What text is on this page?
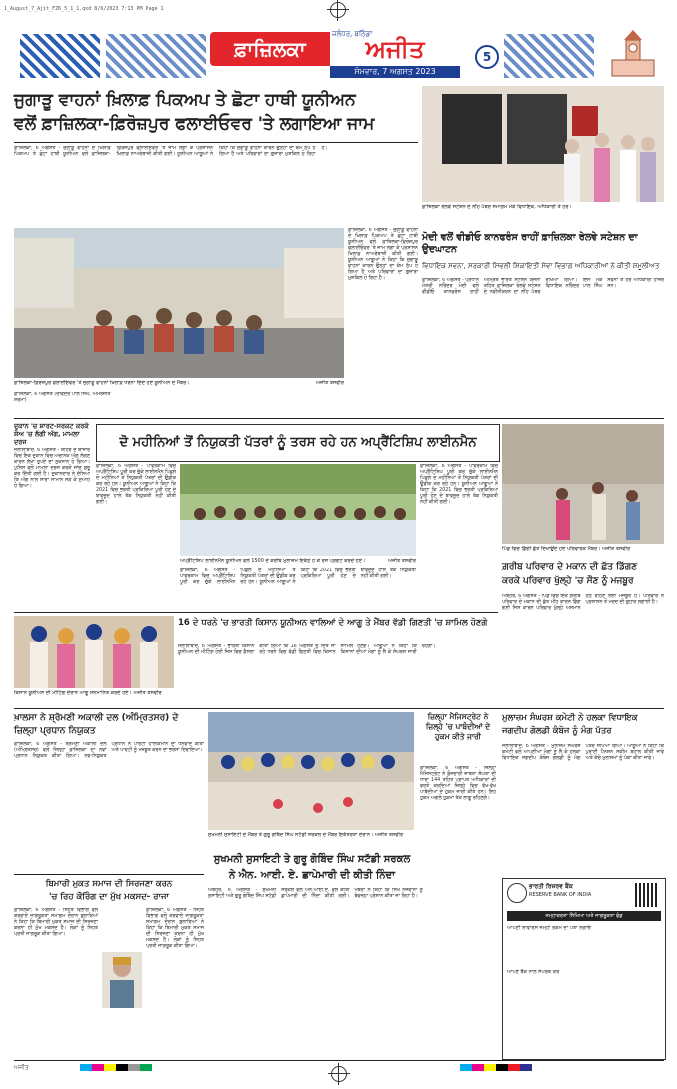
1_August_7_Ajit_FZK_5_1_1.qxd 8/6/2023 7:13 PM Page 1
ਜਲੰਧਰ, ਬਠਿੰਡਾ
ਫ਼ਾਜ਼ਿਲਕਾ	ਅਜੀਤ
ਸੋਮਵਾਰ, 7 ਅਗਸਤ 2023
5
ਜੁਗਾੜੂ ਵਾਹਨਾਂ ਖ਼ਿਲਾਫ਼ ਪਿਕਅਪ ਤੇ ਛੋਟਾ ਹਾਥੀ ਯੂਨੀਅਨ
ਵਲੋਂ ਫ਼ਾਜ਼ਿਲਕਾ-ਫ਼ਿਰੋਜ਼ਪੁਰ ਫਲਾਈਓਵਰ 'ਤੇ ਲਗਾਇਆ ਜਾਮ

ਫ਼ਾਜ਼ਿਲਕਾ, 6 ਅਗਸਤ - ਜੁਗਾੜੂ ਵਾਹਨਾਂ ਦੇ ਖ਼ਿਲਾਫ਼ ਪਿਕਅਪ ਤੇ ਛੋਟਾ ਹਾਥੀ ਯੂਨੀਅਨ ਵਲੋਂ ਫ਼ਾਜ਼ਿਲਕਾ-ਫ਼ਿਰੋਜ਼ਪੁਰ ਫਲਾਈਓਵਰ 'ਤੇ ਜਾਮ ਲਗਾ ਕੇ ਪ੍ਰਸ਼ਾਸਨ ਖ਼ਿਲਾਫ਼ ਨਾਅਰੇਬਾਜ਼ੀ ਕੀਤੀ ਗਈ। ਯੂਨੀਅਨ ਆਗੂਆਂ ਨੇ ਕਿਹਾ ਕਿ ਜੁਗਾੜੂ ਵਾਹਨਾਂ ਕਾਰਨ ਉਨ੍ਹਾਂ ਦਾ ਕੰਮ ਠੱਪ ਹੋ ਗਿਆ ਹੈ ਅਤੇ ਪਰਿਵਾਰਾਂ ਦਾ ਗੁਜ਼ਾਰਾ ਮੁਸ਼ਕਿਲ ਹੋ ਰਿਹਾ ਹੈ।

ਫ਼ਾਜ਼ਿਲਕਾ, 6 ਅਗਸਤ - ਜੁਗਾੜੂ ਵਾਹਨਾਂ ਦੇ ਖ਼ਿਲਾਫ਼ ਪਿਕਅਪ ਤੇ ਛੋਟਾ ਹਾਥੀ ਯੂਨੀਅਨ ਵਲੋਂ ਫ਼ਾਜ਼ਿਲਕਾ-ਫ਼ਿਰੋਜ਼ਪੁਰ ਫਲਾਈਓਵਰ 'ਤੇ ਜਾਮ ਲਗਾ ਕੇ ਪ੍ਰਸ਼ਾਸਨ ਖ਼ਿਲਾਫ਼ ਨਾਅਰੇਬਾਜ਼ੀ ਕੀਤੀ ਗਈ। ਯੂਨੀਅਨ ਆਗੂਆਂ ਨੇ ਕਿਹਾ ਕਿ ਜੁਗਾੜੂ ਵਾਹਨਾਂ ਕਾਰਨ ਉਨ੍ਹਾਂ ਦਾ ਕੰਮ ਠੱਪ ਹੋ ਗਿਆ ਹੈ ਅਤੇ ਪਰਿਵਾਰਾਂ ਦਾ ਗੁਜ਼ਾਰਾ ਮੁਸ਼ਕਿਲ ਹੋ ਰਿਹਾ ਹੈ।

ਫ਼ਾਜ਼ਿਲਕਾ-ਫ਼ਿਰੋਜ਼ਪੁਰ ਫਲਾਈਓਵਰ 'ਤੇ ਜੁਗਾੜੂ ਵਾਹਨਾਂ ਖ਼ਿਲਾਫ਼ ਧਰਨਾ ਦਿੰਦੇ ਹੋਏ ਯੂਨੀਅਨ ਦੇ ਮੈਂਬਰ।	ਅਜੀਤ ਤਸਵੀਰ

ਫ਼ਾਜ਼ਿਲਕਾ, 6 ਅਗਸਤ (ਦਵਿੰਦਰ ਪਾਲ ਸਿੰਘ, ਅਮਰਜੀਤ ਸ਼ਰਮਾ)

ਫ਼ਾਜ਼ਿਲਕਾ ਰੇਲਵੇ ਸਟੇਸ਼ਨ ਦੇ ਨੀਂਹ ਪੱਥਰ ਸਮਾਗਮ ਮੌਕੇ ਵਿਧਾਇਕ, ਅਧਿਕਾਰੀ ਤੇ ਹੋਰ।
ਮੋਦੀ ਵਲੋਂ ਵੀਡੀਓ ਕਾਨਫਰੰਸ ਰਾਹੀਂ ਫ਼ਾਜ਼ਿਲਕਾ ਰੇਲਵੇ ਸਟੇਸ਼ਨ ਦਾ ਉਦਘਾਟਨ
ਵਿਧਾਇਕ ਸਵਨਾ, ਸਰਕਾਰੀ ਸਿਵਲੀ ਸ਼ਿਕਾਇਤੀ ਸੇਵਾ ਵਿਭਾਗ ਅਧਿਕਾਰੀਆਂ ਨੇ ਕੀਤੀ ਸ਼ਮੂਲੀਅਤ

ਫ਼ਾਜ਼ਿਲਕਾ, 6 ਅਗਸਤ - ਪ੍ਰਧਾਨ ਮੰਤਰੀ ਨਰਿੰਦਰ ਮੋਦੀ ਵਲੋਂ ਵੀਡੀਓ ਕਾਨਫਰੰਸ ਰਾਹੀਂ ਅੰਮ੍ਰਿਤ ਭਾਰਤ ਸਟੇਸ਼ਨ ਯੋਜਨਾ ਤਹਿਤ ਫ਼ਾਜ਼ਿਲਕਾ ਰੇਲਵੇ ਸਟੇਸ਼ਨ ਦੇ ਨਵੀਨੀਕਰਨ ਦਾ ਨੀਂਹ ਪੱਥਰ ਰੱਖਿਆ ਗਿਆ। ਇਸ ਮੌਕੇ ਵਿਧਾਇਕ ਨਰਿੰਦਰ ਪਾਲ ਸਿੰਘ ਸਵਨਾ ਤੇ ਹੋਰ ਅਧਿਕਾਰੀ ਹਾਜ਼ਰ ਸਨ।

ਦੁਕਾਨ 'ਚ ਸ਼ਾਰਟ-ਸਰਕਟ ਕਰਕੇ ਸ਼ੋਅ 'ਚ ਲੱਗੀ ਅੱਗ, ਮਾਮਲਾ ਦਰਜ

ਜਲਾਲਾਬਾਦ, 6 ਅਗਸਤ - ਸ਼ਹਿਰ ਦੇ ਬਾਜ਼ਾਰ ਵਿਚ ਇਕ ਦੁਕਾਨ ਵਿਚ ਅਚਾਨਕ ਅੱਗ ਲੱਗਣ ਕਾਰਨ ਲੱਖਾਂ ਰੁਪਏ ਦਾ ਨੁਕਸਾਨ ਹੋ ਗਿਆ। ਪੁਲਿਸ ਵਲੋਂ ਮਾਮਲਾ ਦਰਜ ਕਰਕੇ ਜਾਂਚ ਸ਼ੁਰੂ ਕਰ ਦਿੱਤੀ ਗਈ ਹੈ। ਦੁਕਾਨਦਾਰ ਨੇ ਦੱਸਿਆ ਕਿ ਅੱਗ ਨਾਲ ਸਾਰਾ ਸਾਮਾਨ ਸੜ ਕੇ ਸੁਆਹ ਹੋ ਗਿਆ।

ਦੋ ਮਹੀਨਿਆਂ ਤੋਂ ਨਿਯੁਕਤੀ ਪੱਤਰਾਂ ਨੂੰ ਤਰਸ ਰਹੇ ਹਨ ਅਪ੍ਰੈਂਟਿਸ਼ਿਪ ਲਾਈਨਮੈਨ

ਫ਼ਾਜ਼ਿਲਕਾ, 6 ਅਗਸਤ - ਪਾਵਰਕਾਮ ਵਿਚ ਅਪ੍ਰੈਂਟਿਸ਼ਿਪ ਪੂਰੀ ਕਰ ਚੁੱਕੇ ਲਾਈਨਮੈਨ ਪਿਛਲੇ ਦੋ ਮਹੀਨਿਆਂ ਤੋਂ ਨਿਯੁਕਤੀ ਪੱਤਰਾਂ ਦੀ ਉਡੀਕ ਕਰ ਰਹੇ ਹਨ। ਯੂਨੀਅਨ ਆਗੂਆਂ ਨੇ ਕਿਹਾ ਕਿ 2021 ਵਿਚ ਭਰਤੀ ਪ੍ਰਕਿਰਿਆ ਪੂਰੀ ਹੋਣ ਦੇ ਬਾਵਜੂਦ ਹਾਲੇ ਤੱਕ ਨਿਯੁਕਤੀ ਨਹੀਂ ਕੀਤੀ ਗਈ।

ਅਪ੍ਰੈਂਟਿਸ਼ਿਪ ਲਾਈਨਮੈਨ ਯੂਨੀਅਨ ਵਲੋਂ 1500 ਦੇ ਕਰੀਬ ਮੁਲਾਜ਼ਮ ਇਕੱਠੇ ਹੋ ਕੇ ਰੋਸ ਪ੍ਰਗਟ ਕਰਦੇ ਹੋਏ।	ਅਜੀਤ ਤਸਵੀਰ

ਫ਼ਾਜ਼ਿਲਕਾ, 6 ਅਗਸਤ - ਪਾਵਰਕਾਮ ਵਿਚ ਅਪ੍ਰੈਂਟਿਸ਼ਿਪ ਪੂਰੀ ਕਰ ਚੁੱਕੇ ਲਾਈਨਮੈਨ ਪਿਛਲੇ ਦੋ ਮਹੀਨਿਆਂ ਤੋਂ ਨਿਯੁਕਤੀ ਪੱਤਰਾਂ ਦੀ ਉਡੀਕ ਕਰ ਰਹੇ ਹਨ। ਯੂਨੀਅਨ ਆਗੂਆਂ ਨੇ ਕਿਹਾ ਕਿ 2021 ਵਿਚ ਭਰਤੀ ਪ੍ਰਕਿਰਿਆ ਪੂਰੀ ਹੋਣ ਦੇ ਬਾਵਜੂਦ ਹਾਲੇ ਤੱਕ ਨਿਯੁਕਤੀ ਨਹੀਂ ਕੀਤੀ ਗਈ।

ਫ਼ਾਜ਼ਿਲਕਾ, 6 ਅਗਸਤ - ਪਾਵਰਕਾਮ ਵਿਚ ਅਪ੍ਰੈਂਟਿਸ਼ਿਪ ਪੂਰੀ ਕਰ ਚੁੱਕੇ ਲਾਈਨਮੈਨ ਪਿਛਲੇ ਦੋ ਮਹੀਨਿਆਂ ਤੋਂ ਨਿਯੁਕਤੀ ਪੱਤਰਾਂ ਦੀ ਉਡੀਕ ਕਰ ਰਹੇ ਹਨ। ਯੂਨੀਅਨ ਆਗੂਆਂ ਨੇ ਕਿਹਾ ਕਿ 2021 ਵਿਚ ਭਰਤੀ ਪ੍ਰਕਿਰਿਆ ਪੂਰੀ ਹੋਣ ਦੇ ਬਾਵਜੂਦ ਹਾਲੇ ਤੱਕ ਨਿਯੁਕਤੀ ਨਹੀਂ ਕੀਤੀ ਗਈ।

ਪਿੰਡ ਵਿਚ ਡਿੱਗੀ ਛੱਤ ਦਿਖਾਉਂਦੇ ਹੋਏ ਪਰਿਵਾਰਕ ਮੈਂਬਰ। ਅਜੀਤ ਤਸਵੀਰ
ਗ਼ਰੀਬ ਪਰਿਵਾਰ ਦੇ ਮਕਾਨ ਦੀ ਛੱਤ ਡਿੱਗਣ
ਕਰਕੇ ਪਰਿਵਾਰ ਖੁੱਲ੍ਹੇ 'ਚ ਸੌਣ ਨੂੰ ਮਜਬੂਰ

ਅਬੋਹਰ, 6 ਅਗਸਤ - ਪਿੰਡ ਵਿਚ ਇਕ ਗ਼ਰੀਬ ਪਰਿਵਾਰ ਦੇ ਮਕਾਨ ਦੀ ਛੱਤ ਮੀਂਹ ਕਾਰਨ ਡਿੱਗ ਗਈ ਜਿਸ ਕਾਰਨ ਪਰਿਵਾਰ ਖੁੱਲ੍ਹੇ ਅਸਮਾਨ ਹੇਠ ਰਹਿਣ ਲਈ ਮਜਬੂਰ ਹੈ। ਪਰਿਵਾਰ ਨੇ ਪ੍ਰਸ਼ਾਸਨ ਤੋਂ ਮਦਦ ਦੀ ਗੁਹਾਰ ਲਗਾਈ ਹੈ।

ਕਿਸਾਨ ਯੂਨੀਅਨ ਦੀ ਮੀਟਿੰਗ ਦੌਰਾਨ ਆਗੂ ਸਨਮਾਨਿਤ ਕਰਦੇ ਹੋਏ। ਅਜੀਤ ਤਸਵੀਰ
16 ਦੇ ਧਰਨੇ 'ਚ ਭਾਰਤੀ ਕਿਸਾਨ ਯੂਨੀਅਨ ਵਾਲਿਆਂ ਦੇ ਆਗੂ ਤੇ ਮੈਂਬਰ ਵੱਡੀ ਗਿਣਤੀ 'ਚ ਸ਼ਾਮਿਲ ਹੋਣਗੇ

ਜਲਾਲਾਬਾਦ, 6 ਅਗਸਤ - ਭਾਰਤੀ ਕਿਸਾਨ ਯੂਨੀਅਨ ਦੀ ਮੀਟਿੰਗ ਹੋਈ ਜਿਸ ਵਿਚ ਫ਼ੈਸਲਾ ਕੀਤਾ ਗਿਆ ਕਿ 16 ਅਗਸਤ ਨੂੰ ਦਿੱਤੇ ਜਾ ਰਹੇ ਧਰਨੇ ਵਿਚ ਵੱਡੀ ਗਿਣਤੀ ਵਿਚ ਕਿਸਾਨ ਸ਼ਾਮਿਲ ਹੋਣਗੇ। ਆਗੂਆਂ ਨੇ ਕਿਹਾ ਕਿ ਕਿਸਾਨਾਂ ਦੀਆਂ ਮੰਗਾਂ ਨੂੰ ਲੈ ਕੇ ਸੰਘਰਸ਼ ਜਾਰੀ ਰਹੇਗਾ।

ਖ਼ਾਲਸਾ ਨੇ ਸ਼੍ਰੋਮਣੀ ਅਕਾਲੀ ਦਲ (ਅੰਮ੍ਰਿਤਸਰ) ਦੇ ਜ਼ਿਲ੍ਹਾ ਪ੍ਰਧਾਨ ਨਿਯੁਕਤ

ਫ਼ਾਜ਼ਿਲਕਾ, 6 ਅਗਸਤ - ਸ਼੍ਰੋਮਣੀ ਅਕਾਲੀ ਦਲ (ਅੰਮ੍ਰਿਤਸਰ) ਵਲੋਂ ਜ਼ਿਲ੍ਹਾ ਫ਼ਾਜ਼ਿਲਕਾ ਦਾ ਨਵਾਂ ਪ੍ਰਧਾਨ ਨਿਯੁਕਤ ਕੀਤਾ ਗਿਆ। ਨਵ-ਨਿਯੁਕਤ ਪ੍ਰਧਾਨ ਨੇ ਪਾਰਟੀ ਹਾਈਕਮਾਨ ਦਾ ਧੰਨਵਾਦ ਕੀਤਾ ਅਤੇ ਪਾਰਟੀ ਨੂੰ ਮਜ਼ਬੂਤ ਕਰਨ ਦਾ ਭਰੋਸਾ ਦਿਵਾਇਆ।

ਸੁਖਮਨੀ ਸੁਸਾਇਟੀ ਦੇ ਮੈਂਬਰ ਤੇ ਗੁਰੂ ਗੋਬਿੰਦ ਸਿੰਘ ਸਟੱਡੀ ਸਰਕਲ ਦੇ ਮੈਂਬਰ ਇਕੱਤਰਤਾ ਦੌਰਾਨ। ਅਜੀਤ ਤਸਵੀਰ
ਸੁਖਮਨੀ ਸੁਸਾਇਟੀ ਤੇ ਗੁਰੂ ਗੋਬਿੰਦ ਸਿੰਘ ਸਟੱਡੀ ਸਰਕਲ
ਨੇ ਐਨ. ਆਈ. ਏ. ਛਾਪੇਮਾਰੀ ਦੀ ਕੀਤੀ ਨਿੰਦਾ
ਜ਼ਿਲ੍ਹਾ ਮੈਜਿਸਟ੍ਰੇਟ ਨੇ ਜ਼ਿਲ੍ਹੇ 'ਚ ਪਾਬੰਦੀਆਂ ਦੇ ਹੁਕਮ ਕੀਤੇ ਜਾਰੀ

ਫ਼ਾਜ਼ਿਲਕਾ, 6 ਅਗਸਤ - ਜ਼ਿਲ੍ਹਾ ਮੈਜਿਸਟ੍ਰੇਟ ਨੇ ਫ਼ੌਜਦਾਰੀ ਜ਼ਾਬਤਾ ਸੰਘਤਾ ਦੀ ਧਾਰਾ 144 ਤਹਿਤ ਪ੍ਰਾਪਤ ਅਧਿਕਾਰਾਂ ਦੀ ਵਰਤੋਂ ਕਰਦਿਆਂ ਜ਼ਿਲ੍ਹੇ ਵਿਚ ਵੱਖ-ਵੱਖ ਪਾਬੰਦੀਆਂ ਦੇ ਹੁਕਮ ਜਾਰੀ ਕੀਤੇ ਹਨ। ਇਹ ਹੁਕਮ ਅਗਲੇ ਹੁਕਮਾਂ ਤੱਕ ਲਾਗੂ ਰਹਿਣਗੇ।

ਮੁਲਾਜ਼ਮ ਸੰਘਰਸ਼ ਕਮੇਟੀ ਨੇ ਹਲਕਾ ਵਿਧਾਇਕ
ਜਗਦੀਪ ਗੋਲਡੀ ਕੰਬੋਜ ਨੂੰ ਮੰਗ ਪੱਤਰ

ਜਲਾਲਾਬਾਦ, 6 ਅਗਸਤ - ਮੁਲਾਜ਼ਮ ਸੰਘਰਸ਼ ਕਮੇਟੀ ਵਲੋਂ ਆਪਣੀਆਂ ਮੰਗਾਂ ਨੂੰ ਲੈ ਕੇ ਹਲਕਾ ਵਿਧਾਇਕ ਜਗਦੀਪ ਕੰਬੋਜ ਗੋਲਡੀ ਨੂੰ ਮੰਗ ਪੱਤਰ ਸੌਂਪਿਆ ਗਿਆ। ਆਗੂਆਂ ਨੇ ਕਿਹਾ ਕਿ ਪੁਰਾਣੀ ਪੈਨਸ਼ਨ ਸਕੀਮ ਬਹਾਲ ਕੀਤੀ ਜਾਵੇ ਅਤੇ ਕੱਚੇ ਮੁਲਾਜ਼ਮਾਂ ਨੂੰ ਪੱਕਾ ਕੀਤਾ ਜਾਵੇ।

ਬਿਮਾਰੀ ਮੁਕਤ ਸਮਾਜ ਦੀ ਸਿਰਜਣਾ ਕਰਨ
'ਚ ਰਿਹ ਕੌਰਿੰਗ ਦਾ ਮੁੱਖ ਮਕਸਦ- ਰਾਜਾ

ਫ਼ਾਜ਼ਿਲਕਾ, 6 ਅਗਸਤ - ਸਿਹਤ ਵਿਭਾਗ ਵਲੋਂ ਕਰਵਾਏ ਜਾਗਰੂਕਤਾ ਸਮਾਗਮ ਦੌਰਾਨ ਬੁਲਾਰਿਆਂ ਨੇ ਕਿਹਾ ਕਿ ਬਿਮਾਰੀ ਮੁਕਤ ਸਮਾਜ ਦੀ ਸਿਰਜਣਾ ਕਰਨਾ ਹੀ ਮੁੱਖ ਮਕਸਦ ਹੈ। ਲੋਕਾਂ ਨੂੰ ਸਿਹਤ ਪ੍ਰਤੀ ਜਾਗਰੂਕ ਕੀਤਾ ਗਿਆ।

ਫ਼ਾਜ਼ਿਲਕਾ, 6 ਅਗਸਤ - ਸਿਹਤ ਵਿਭਾਗ ਵਲੋਂ ਕਰਵਾਏ ਜਾਗਰੂਕਤਾ ਸਮਾਗਮ ਦੌਰਾਨ ਬੁਲਾਰਿਆਂ ਨੇ ਕਿਹਾ ਕਿ ਬਿਮਾਰੀ ਮੁਕਤ ਸਮਾਜ ਦੀ ਸਿਰਜਣਾ ਕਰਨਾ ਹੀ ਮੁੱਖ ਮਕਸਦ ਹੈ। ਲੋਕਾਂ ਨੂੰ ਸਿਹਤ ਪ੍ਰਤੀ ਜਾਗਰੂਕ ਕੀਤਾ ਗਿਆ।

ਅਬੋਹਰ, 6 ਅਗਸਤ - ਸੁਖਮਨੀ ਸੁਸਾਇਟੀ ਅਤੇ ਗੁਰੂ ਗੋਬਿੰਦ ਸਿੰਘ ਸਟੱਡੀ ਸਰਕਲ ਵਲੋਂ ਐਨ.ਆਈ.ਏ. ਵਲੋਂ ਕੀਤੀ ਛਾਪੇਮਾਰੀ ਦੀ ਨਿੰਦਾ ਕੀਤੀ ਗਈ। ਮੈਂਬਰਾਂ ਨੇ ਕਿਹਾ ਕਿ ਸਿੱਖ ਨੌਜਵਾਨਾਂ ਨੂੰ ਬੇਵਜ੍ਹਾ ਪ੍ਰੇਸ਼ਾਨ ਕੀਤਾ ਜਾ ਰਿਹਾ ਹੈ।

ਭਾਰਤੀ ਰਿਜ਼ਰਵ ਬੈਂਕ
RESERVE BANK OF INDIA
ਜਮ੍ਹਾਕਰਤਾ ਸਿੱਖਿਆ ਅਤੇ ਜਾਗਰੂਕਤਾ ਫੰਡ
ਆਪਣੀ ਲਾਵਾਰਸ ਜਮ੍ਹਾਂ ਰਕਮ ਦਾ ਪਤਾ ਲਗਾਓ
ਆਪਣੇ ਬੈਂਕ ਨਾਲ ਸੰਪਰਕ ਕਰੋ
ਅਜੀਤ
